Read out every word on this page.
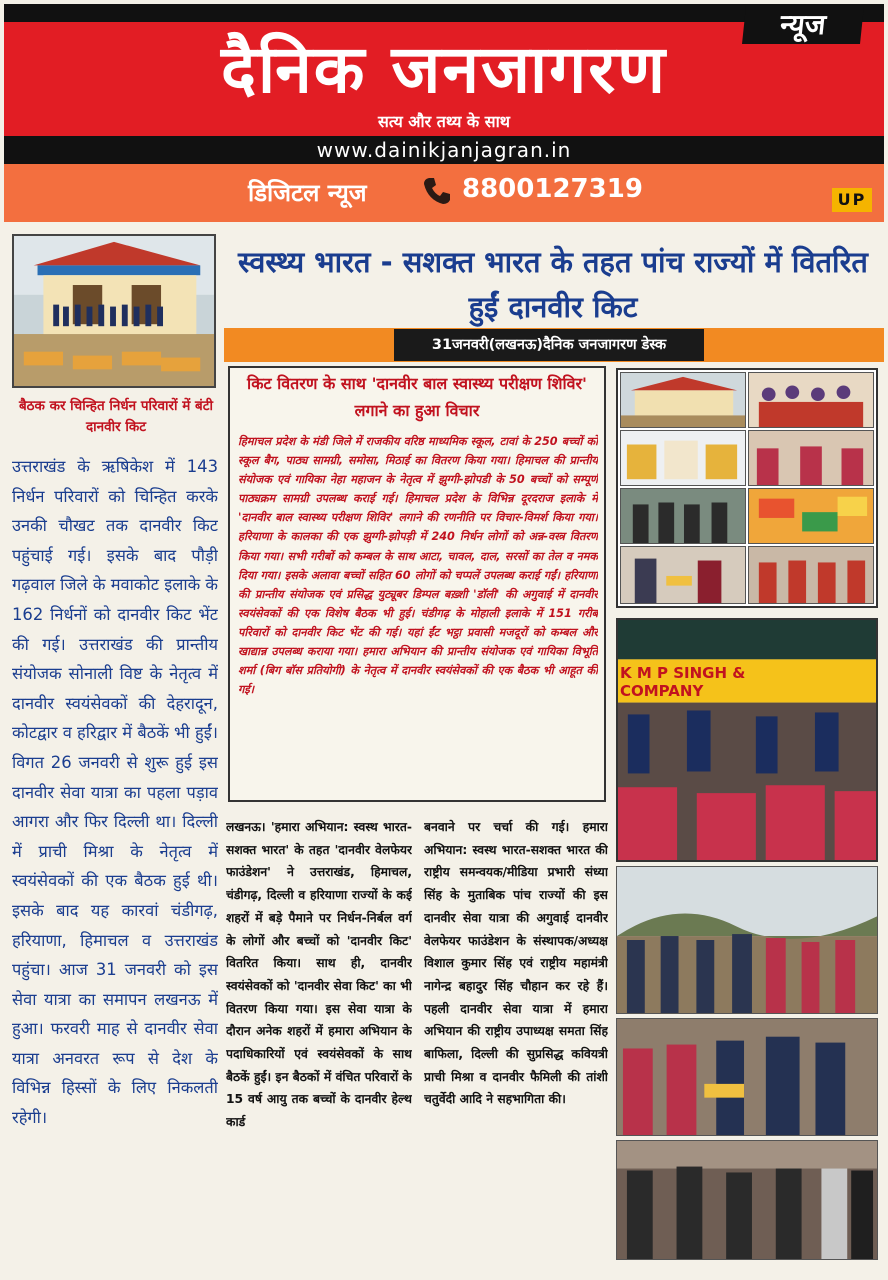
न्यूज
दैनिक जनजागरण
सत्य और तथ्य के साथ
www.dainikjanjagran.in
डिजिटल न्यूज	8800127319	UP
बैठक कर चिन्हित निर्धन परिवारों में बंटी दानवीर किट
उत्तराखंड के ऋषिकेश में 143 निर्धन परिवारों को चिन्हित करके उनकी चौखट तक दानवीर किट पहुंचाई गई। इसके बाद पौड़ी गढ़वाल जिले के मवाकोट इलाके के 162 निर्धनों को दानवीर किट भेंट की गई। उत्तराखंड की प्रान्तीय संयोजक सोनाली विष्ट के नेतृत्व में दानवीर स्वयंसेवकों की देहरादून, कोटद्वार व हरिद्वार में बैठकें भी हुईं। विगत 26 जनवरी से शुरू हुई इस दानवीर सेवा यात्रा का पहला पड़ाव आगरा और फिर दिल्ली था। दिल्ली में प्राची मिश्रा के नेतृत्व में स्वयंसेवकों की एक बैठक हुई थी। इसके बाद यह कारवां चंडीगढ़, हरियाणा, हिमाचल व उत्तराखंड पहुंचा। आज 31 जनवरी को इस सेवा यात्रा का समापन लखनऊ में हुआ। फरवरी माह से दानवीर सेवा यात्रा अनवरत रूप से देश के विभिन्न हिस्सों के लिए निकलती रहेगी।
स्वस्थ्य भारत - सशक्त भारत के तहत पांच राज्यों में वितरित हुईं दानवीर किट
31जनवरी(लखनऊ)दैनिक जनजागरण डेस्क
किट वितरण के साथ 'दानवीर बाल स्वास्थ्य परीक्षण शिविर' लगाने का हुआ विचार
हिमाचल प्रदेश के मंडी जिले में राजकीय वरिष्ठ माध्यमिक स्कूल, टावां के 250 बच्चों को स्कूल बैग, पाठ्य सामग्री, समोसा, मिठाई का वितरण किया गया। हिमाचल की प्रान्तीय संयोजक एवं गायिका नेहा महाजन के नेतृत्व में झुग्गी-झोपडी के 50 बच्चों को सम्पूर्ण पाठ्यक्रम सामग्री उपलब्ध कराई गई। हिमाचल प्रदेश के विभिन्न दूरदराज इलाके में 'दानवीर बाल स्वास्थ्य परीक्षण शिविर' लगाने की रणनीति पर विचार-विमर्श किया गया। हरियाणा के कालका की एक झुग्गी-झोपड़ी में 240 निर्धन लोगों को अन्न-वस्त्र वितरण किया गया। सभी गरीबों को कम्बल के साथ आटा, चावल, दाल, सरसों का तेल व नमक दिया गया। इसके अलावा बच्चों सहित 60 लोगों को चप्पलें उपलब्ध कराई गईं। हरियाणा की प्रान्तीय संयोजक एवं प्रसिद्ध युट्यूबर डिम्पल बख़्शी 'डॉली' की अगुवाई में दानवीर स्वयंसेवकों की एक विशेष बैठक भी हुई। चंडीगढ़ के मोहाली इलाके में 151 गरीब परिवारों को दानवीर किट भेंट की गई। यहां ईंट भट्ठा प्रवासी मजदूरों को कम्बल और खाद्यान्न उपलब्ध कराया गया। हमारा अभियान की प्रान्तीय संयोजक एवं गायिका विभूति शर्मा (बिग बॉस प्रतियोगी) के नेतृत्व में दानवीर स्वयंसेवकों की एक बैठक भी आहूत की गई।
लखनऊ। 'हमारा अभियान: स्वस्थ भारत-सशक्त भारत' के तहत 'दानवीर वेलफेयर फाउंडेशन' ने उत्तराखंड, हिमाचल, चंडीगढ़, दिल्ली व हरियाणा राज्यों के कई शहरों में बड़े पैमाने पर निर्धन-निर्बल वर्ग के लोगों और बच्चों को 'दानवीर किट' वितरित किया। साथ ही, दानवीर स्वयंसेवकों को 'दानवीर सेवा किट' का भी वितरण किया गया। इस सेवा यात्रा के दौरान अनेक शहरों में हमारा अभियान के पदाधिकारियों एवं स्वयंसेवकों के साथ बैठकें हुईं। इन बैठकों में वंचित परिवारों के 15 वर्ष आयु तक बच्चों के दानवीर हेल्थ कार्ड
बनवाने पर चर्चा की गई। हमारा अभियान: स्वस्थ भारत-सशक्त भारत की राष्ट्रीय समन्वयक/मीडिया प्रभारी संध्या सिंह के मुताबिक पांच राज्यों की इस दानवीर सेवा यात्रा की अगुवाई दानवीर वेलफेयर फाउंडेशन के संस्थापक/अध्यक्ष विशाल कुमार सिंह एवं राष्ट्रीय महामंत्री नागेन्द्र बहादुर सिंह चौहान कर रहे हैं। पहली दानवीर सेवा यात्रा में हमारा अभियान की राष्ट्रीय उपाध्यक्ष समता सिंह बाफिला, दिल्ली की सुप्रसिद्ध कवियत्री प्राची मिश्रा व दानवीर फैमिली की तांशी चतुर्वेदी आदि ने सहभागिता की।
K M P SINGH & COMPANY
